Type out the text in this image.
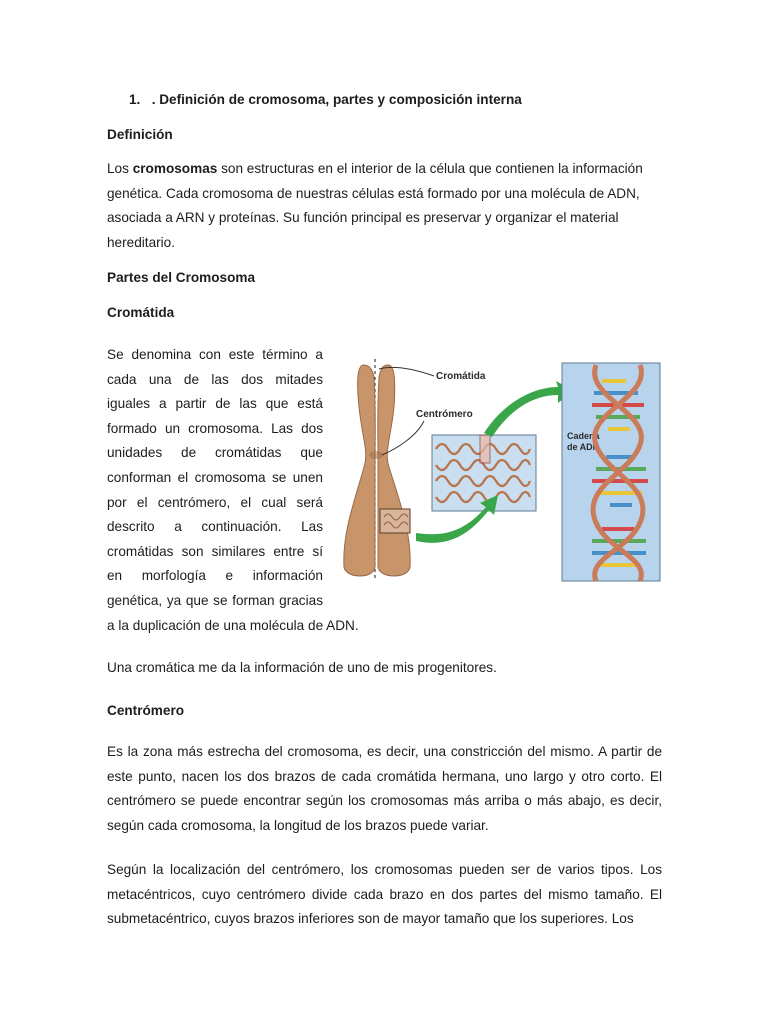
1. . Definición de cromosoma, partes y composición interna

Definición

Los cromosomas son estructuras en el interior de la célula que contienen la información genética. Cada cromosoma de nuestras células está formado por una molécula de ADN, asociada a ARN y proteínas. Su función principal es preservar y organizar el material hereditario.

Partes del Cromosoma

Cromátida

Se denomina con este término a
cada una de las dos mitades
iguales a partir de las que está
formado un cromosoma. Las dos
unidades de cromátidas que
conforman el cromosoma se unen
por el centrómero, el cual será
descrito a continuación. Las
cromátidas son similares entre sí
en morfología e información
genética, ya que se forman gracias
a la duplicación de una molécula de ADN.
Cromátida
Centrómero
Cadena
de ADN

Una cromática me da la información de uno de mis progenitores.

Centrómero

Es la zona más estrecha del cromosoma, es decir, una constricción del mismo. A partir de este punto, nacen los dos brazos de cada cromátida hermana, uno largo y otro corto. El centrómero se puede encontrar según los cromosomas más arriba o más abajo, es decir, según cada cromosoma, la longitud de los brazos puede variar.

Según la localización del centrómero, los cromosomas pueden ser de varios tipos. Los metacéntricos, cuyo centrómero divide cada brazo en dos partes del mismo tamaño. El submetacéntrico, cuyos brazos inferiores son de mayor tamaño que los superiores. Los
